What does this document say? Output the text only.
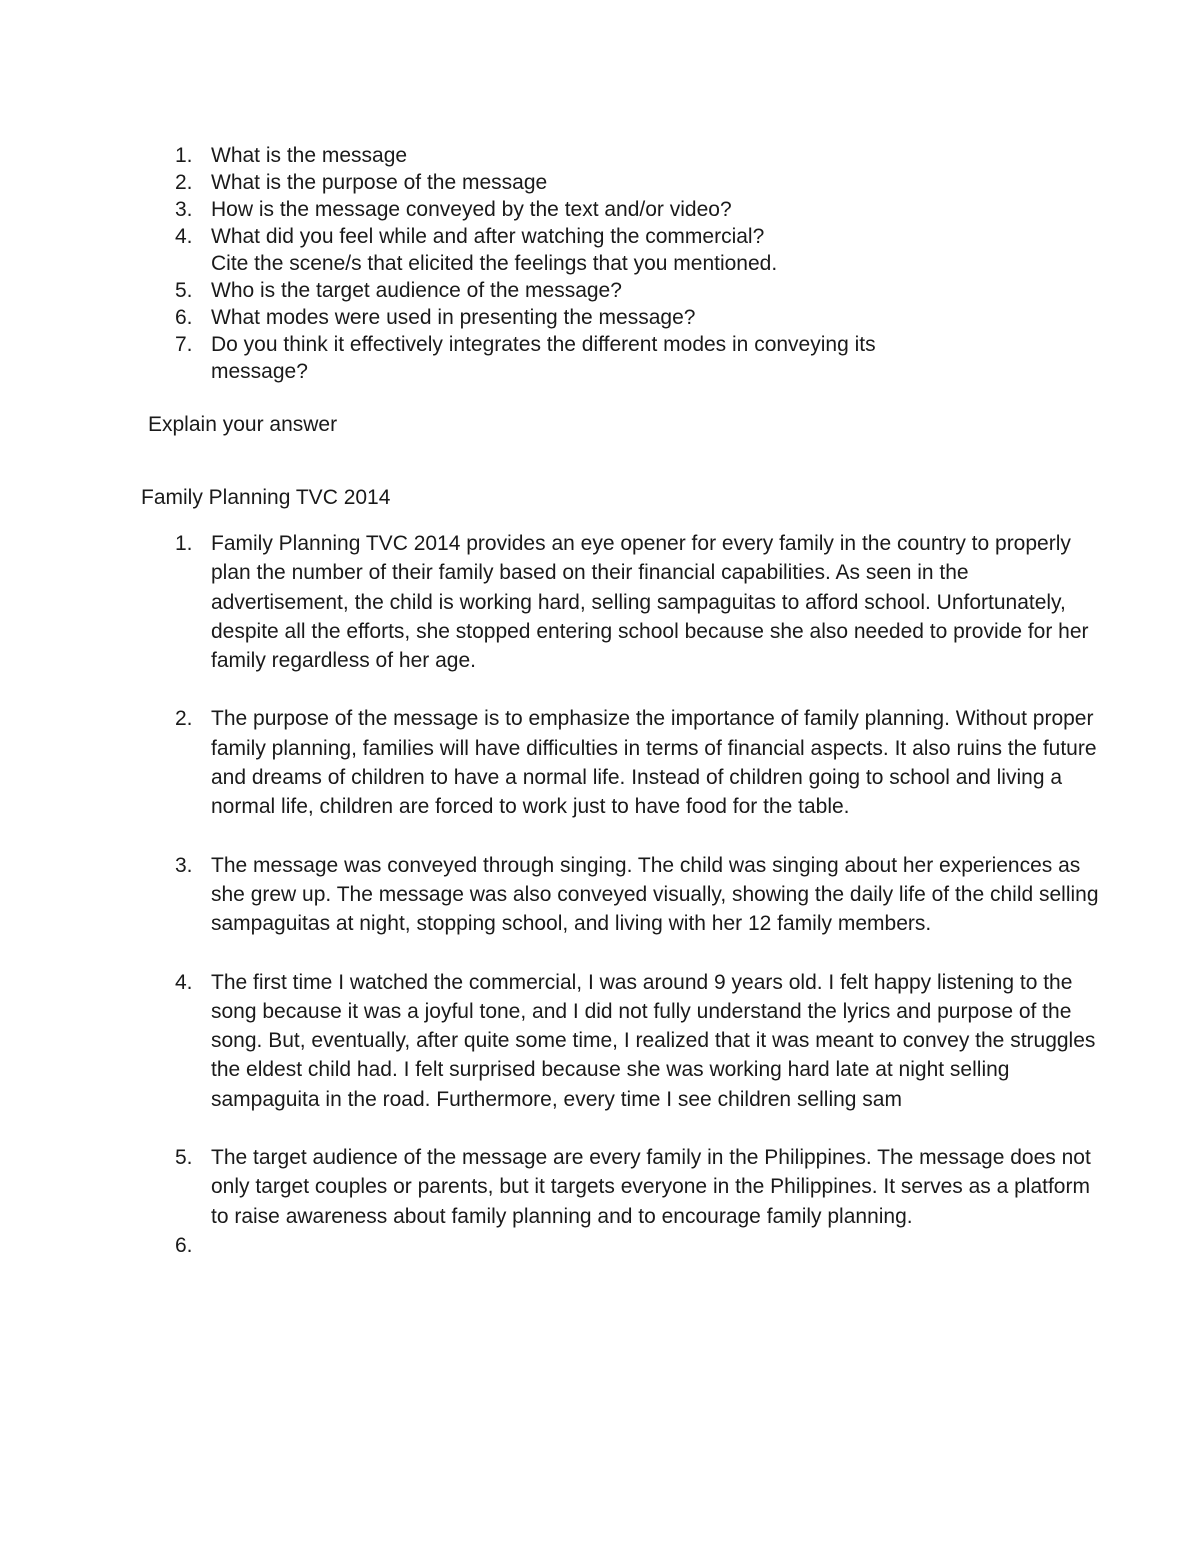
1. What is the message
2. What is the purpose of the message
3. How is the message conveyed by the text and/or video?
4. What did you feel while and after watching the commercial?
Cite the scene/s that elicited the feelings that you mentioned.
5. Who is the target audience of the message?
6. What modes were used in presenting the message?
7. Do you think it effectively integrates the different modes in conveying its
message?
Explain your answer
Family Planning TVC 2014
1. Family Planning TVC 2014 provides an eye opener for every family in the country to properly plan the number of their family based on their financial capabilities. As seen in the advertisement, the child is working hard, selling sampaguitas to afford school. Unfortunately, despite all the efforts, she stopped entering school because she also needed to provide for her family regardless of her age.
2. The purpose of the message is to emphasize the importance of family planning. Without proper family planning, families will have difficulties in terms of financial aspects. It also ruins the future and dreams of children to have a normal life. Instead of children going to school and living a normal life, children are forced to work just to have food for the table.
3. The message was conveyed through singing. The child was singing about her experiences as she grew up. The message was also conveyed visually, showing the daily life of the child selling sampaguitas at night, stopping school, and living with her 12 family members.
4. The first time I watched the commercial, I was around 9 years old. I felt happy listening to the song because it was a joyful tone, and I did not fully understand the lyrics and purpose of the song. But, eventually, after quite some time, I realized that it was meant to convey the struggles the eldest child had. I felt surprised because she was working hard late at night selling sampaguita in the road. Furthermore, every time I see children selling sam
5. The target audience of the message are every family in the Philippines. The message does not only target couples or parents, but it targets everyone in the Philippines. It serves as a platform to raise awareness about family planning and to encourage family planning.
6.
